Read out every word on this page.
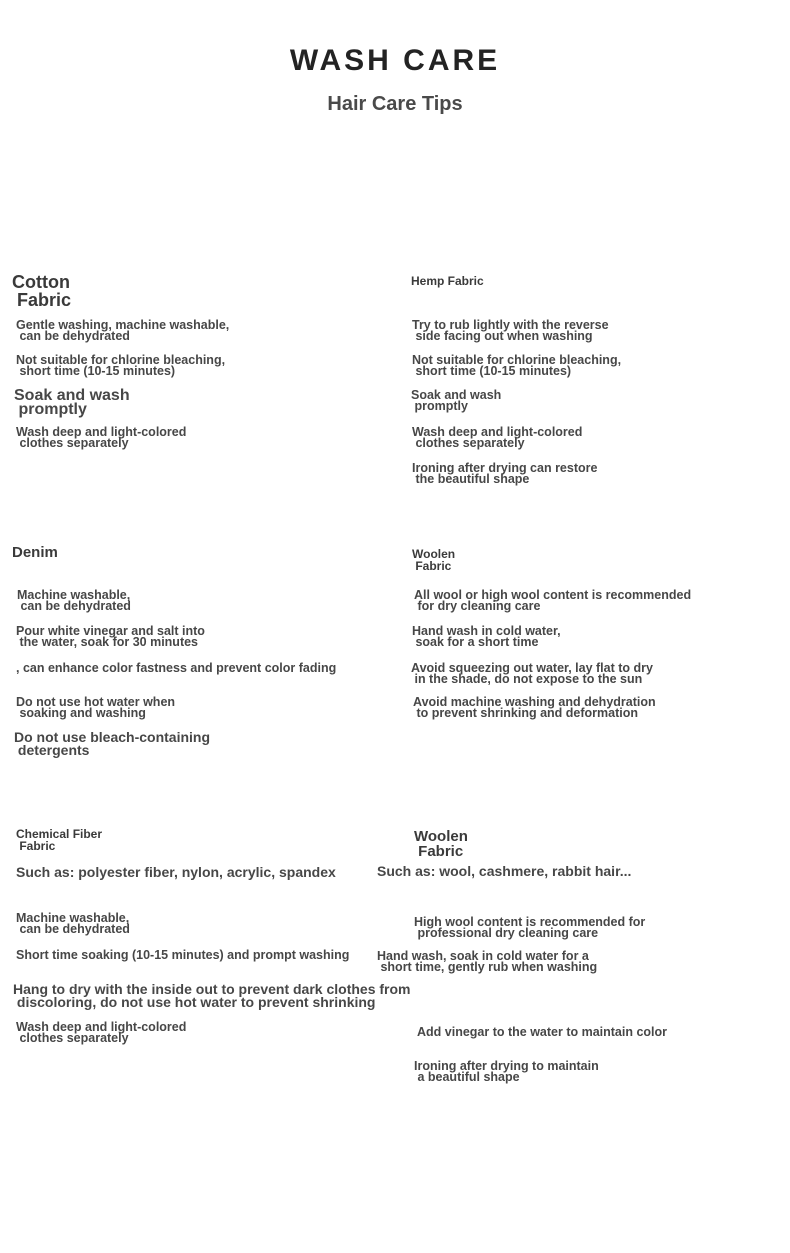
WASH CARE
Hair Care Tips
Cotton
Fabric
Gentle washing, machine washable,
can be dehydrated
Not suitable for chlorine bleaching,
short time (10-15 minutes)
Soak and wash
promptly
Wash deep and light-colored
clothes separately
Hemp Fabric
Try to rub lightly with the reverse
side facing out when washing
Not suitable for chlorine bleaching,
short time (10-15 minutes)
Soak and wash
promptly
Wash deep and light-colored
clothes separately
Ironing after drying can restore
the beautiful shape
Denim
Machine washable,
can be dehydrated
Pour white vinegar and salt into
the water, soak for 30 minutes
, can enhance color fastness and prevent color fading
Do not use hot water when
soaking and washing
Do not use bleach-containing
detergents
Woolen
Fabric
All wool or high wool content is recommended
for dry cleaning care
Hand wash in cold water,
soak for a short time
Avoid squeezing out water, lay flat to dry
in the shade, do not expose to the sun
Avoid machine washing and dehydration
to prevent shrinking and deformation
Chemical Fiber
Fabric
Such as: polyester fiber, nylon, acrylic, spandex
Machine washable,
can be dehydrated
Short time soaking (10-15 minutes) and prompt washing
Hang to dry with the inside out to prevent dark clothes from
discoloring, do not use hot water to prevent shrinking
Wash deep and light-colored
clothes separately
Woolen
Fabric
Such as: wool, cashmere, rabbit hair...
High wool content is recommended for
professional dry cleaning care
Hand wash, soak in cold water for a
short time, gently rub when washing
Add vinegar to the water to maintain color
Ironing after drying to maintain
a beautiful shape
